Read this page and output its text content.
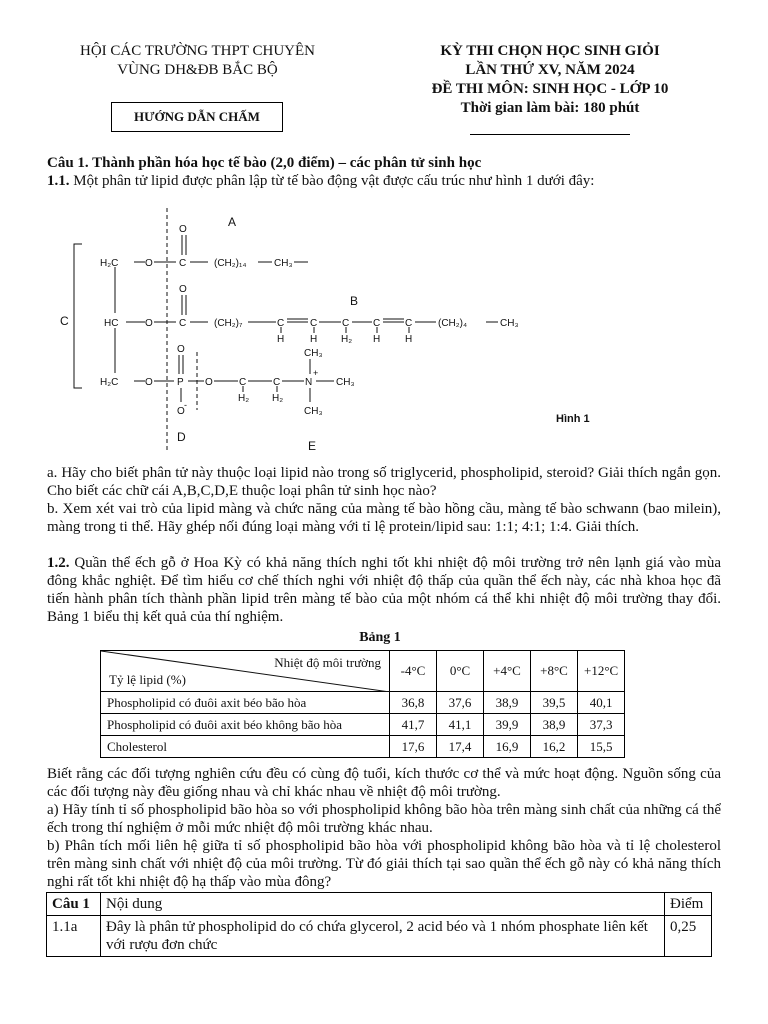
HỘI CÁC TRƯỜNG THPT CHUYÊN
VÙNG DH&ĐB BẮC BỘ
HƯỚNG DẪN CHẤM
KỲ THI CHỌN HỌC SINH GIỎI
LẦN THỨ XV, NĂM 2024
ĐỀ THI MÔN: SINH HỌC - LỚP 10
Thời gian làm bài: 180 phút
Câu 1. Thành phần hóa học tế bào (2,0 điểm) – các phân tử sinh học
1.1. Một phân tử lipid được phân lập từ tế bào động vật được cấu trúc như hình 1 dưới đây:
A
B
C
D
E
H₂C	O
O
C	(CH₂)₁₄	CH₃
HC	O
O
C	(CH₂)₇	C	C C C C	(CH₂)₄	CH₃
H	H H₂ H H
H₂C	O
O
P
O
-
O	C	C
H₂ H₂
N
+
CH₃
CH₃
CH₃
Hình 1
a. Hãy cho biết phân tử này thuộc loại lipid nào trong số triglycerid, phospholipid, steroid? Giải thích ngắn gọn. Cho biết các chữ cái A,B,C,D,E thuộc loại phân tử sinh học nào?
b. Xem xét vai trò của lipid màng và chức năng của màng tế bào hồng cầu, màng tế bào schwann (bao milein), màng trong ti thể. Hãy ghép nối đúng loại màng với tỉ lệ protein/lipid sau: 1:1; 4:1; 1:4. Giải thích.
1.2. Quần thể ếch gỗ ở Hoa Kỳ có khả năng thích nghi tốt khi nhiệt độ môi trường trở nên lạnh giá vào mùa đông khắc nghiệt. Để tìm hiểu cơ chế thích nghi với nhiệt độ thấp của quần thể ếch này, các nhà khoa học đã tiến hành phân tích thành phần lipid trên màng tế bào của một nhóm cá thể khi nhiệt độ môi trường thay đổi. Bảng 1 biểu thị kết quả của thí nghiệm.
Bảng 1
Nhiệt độ môi trường
Tỷ lệ lipid (%)	-4°C	0°C	+4°C	+8°C	+12°C
Phospholipid có đuôi axit béo bão hòa	36,8	37,6	38,9	39,5	40,1
Phospholipid có đuôi axit béo không bão hòa	41,7	41,1	39,9	38,9	37,3
Cholesterol	17,6	17,4	16,9	16,2	15,5
Biết rằng các đối tượng nghiên cứu đều có cùng độ tuổi, kích thước cơ thể và mức hoạt động. Nguồn sống của các đối tượng này đều giống nhau và chỉ khác nhau về nhiệt độ môi trường.
a) Hãy tính tỉ số phospholipid bão hòa so với phospholipid không bão hòa trên màng sinh chất của những cá thể ếch trong thí nghiệm ở mỗi mức nhiệt độ môi trường khác nhau.
b) Phân tích mối liên hệ giữa tỉ số phospholipid bão hòa với phospholipid không bão hòa và tỉ lệ cholesterol trên màng sinh chất với nhiệt độ của môi trường. Từ đó giải thích tại sao quần thể ếch gỗ này có khả năng thích nghi rất tốt khi nhiệt độ hạ thấp vào mùa đông?
Câu 1	Nội dung	Điểm
1.1a	Đây là phân tử phospholipid do có chứa glycerol, 2 acid béo và 1 nhóm phosphate liên kết với rượu đơn chức	0,25
